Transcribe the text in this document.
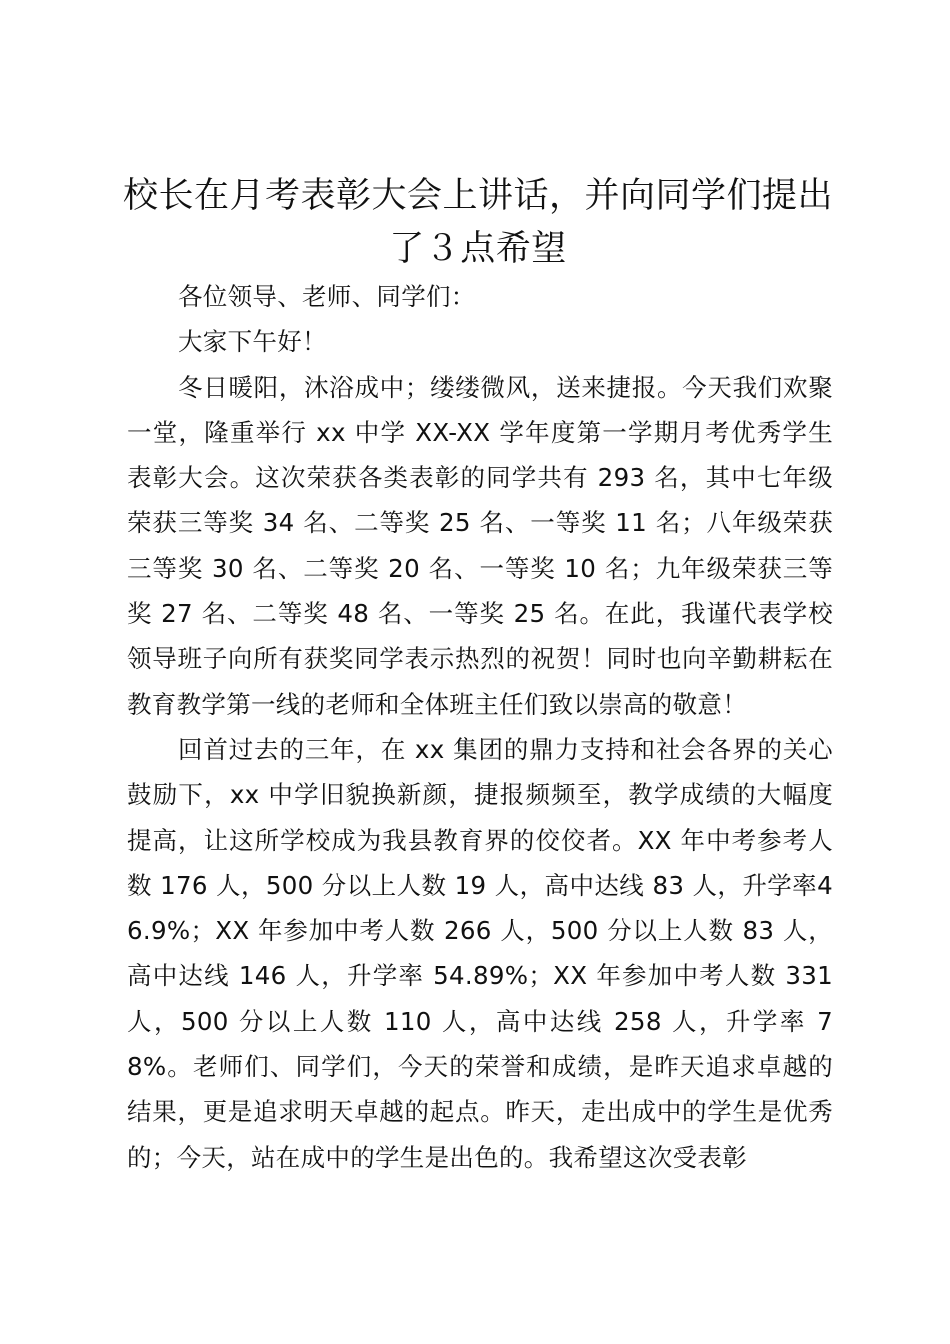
校长在月考表彰大会上讲话，并向同学们提出了３点希望

各位领导、老师、同学们：

大家下午好！

冬日暖阳，沐浴成中；缕缕微风，送来捷报。今天我们欢聚一堂，隆重举行 xx 中学 XX-XX 学年度第一学期月考优秀学生表彰大会。这次荣获各类表彰的同学共有 293 名，其中七年级荣获三等奖 34 名、二等奖 25 名、一等奖 11 名；八年级荣获三等奖 30 名、二等奖 20 名、一等奖 10 名；九年级荣获三等奖 27 名、二等奖 48 名、一等奖 25 名。在此，我谨代表学校领导班子向所有获奖同学表示热烈的祝贺！同时也向辛勤耕耘在教育教学第一线的老师和全体班主任们致以崇高的敬意！

回首过去的三年，在 xx 集团的鼎力支持和社会各界的关心鼓励下，xx 中学旧貌换新颜，捷报频频至，教学成绩的大幅度提高，让这所学校成为我县教育界的佼佼者。XX 年中考参考人数 176 人，500 分以上人数 19 人，高中达线 83 人，升学率46.9%；XX 年参加中考人数 266 人，500 分以上人数 83 人，高中达线 146 人，升学率 54.89%；XX 年参加中考人数 331 人，500 分以上人数 110 人，高中达线 258 人，升学率 78%。老师们、同学们，今天的荣誉和成绩，是昨天追求卓越的结果，更是追求明天卓越的起点。昨天，走出成中的学生是优秀的；今天，站在成中的学生是出色的。我希望这次受表彰
